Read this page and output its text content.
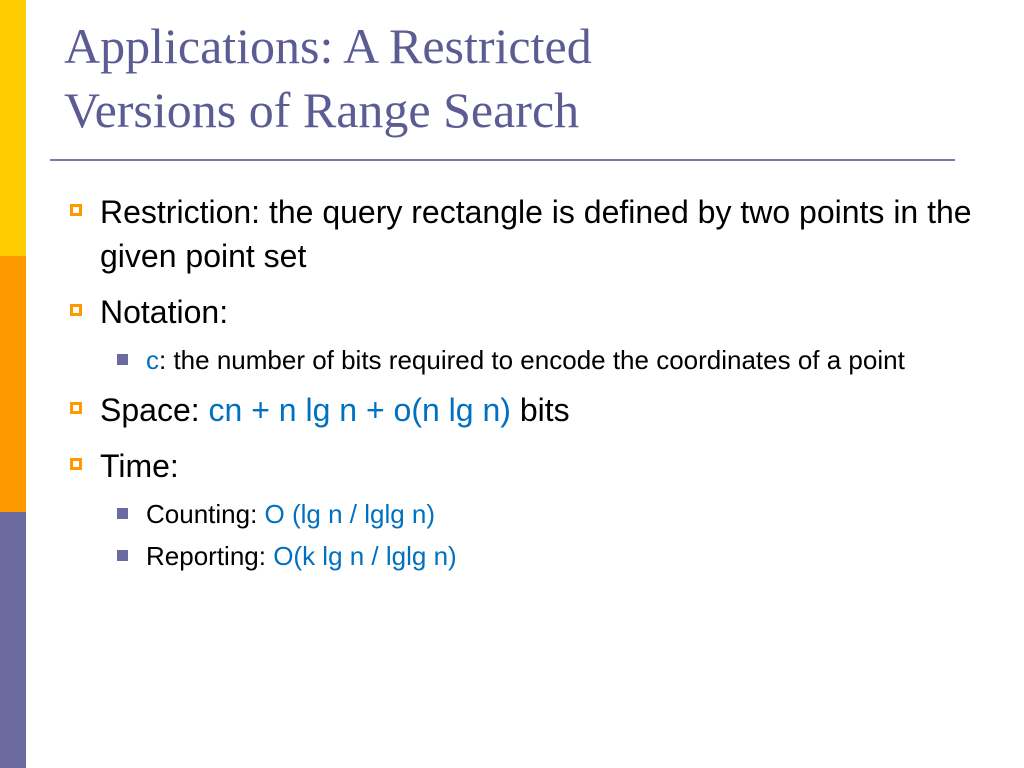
Applications: A Restricted
Versions of Range Search
Restriction: the query rectangle is defined by two points in the given point set
Notation:
c: the number of bits required to encode the coordinates of a point
Space: cn + n lg n + o(n lg n) bits
Time:
Counting: O (lg n / lglg n)
Reporting: O(k lg n / lglg n)
